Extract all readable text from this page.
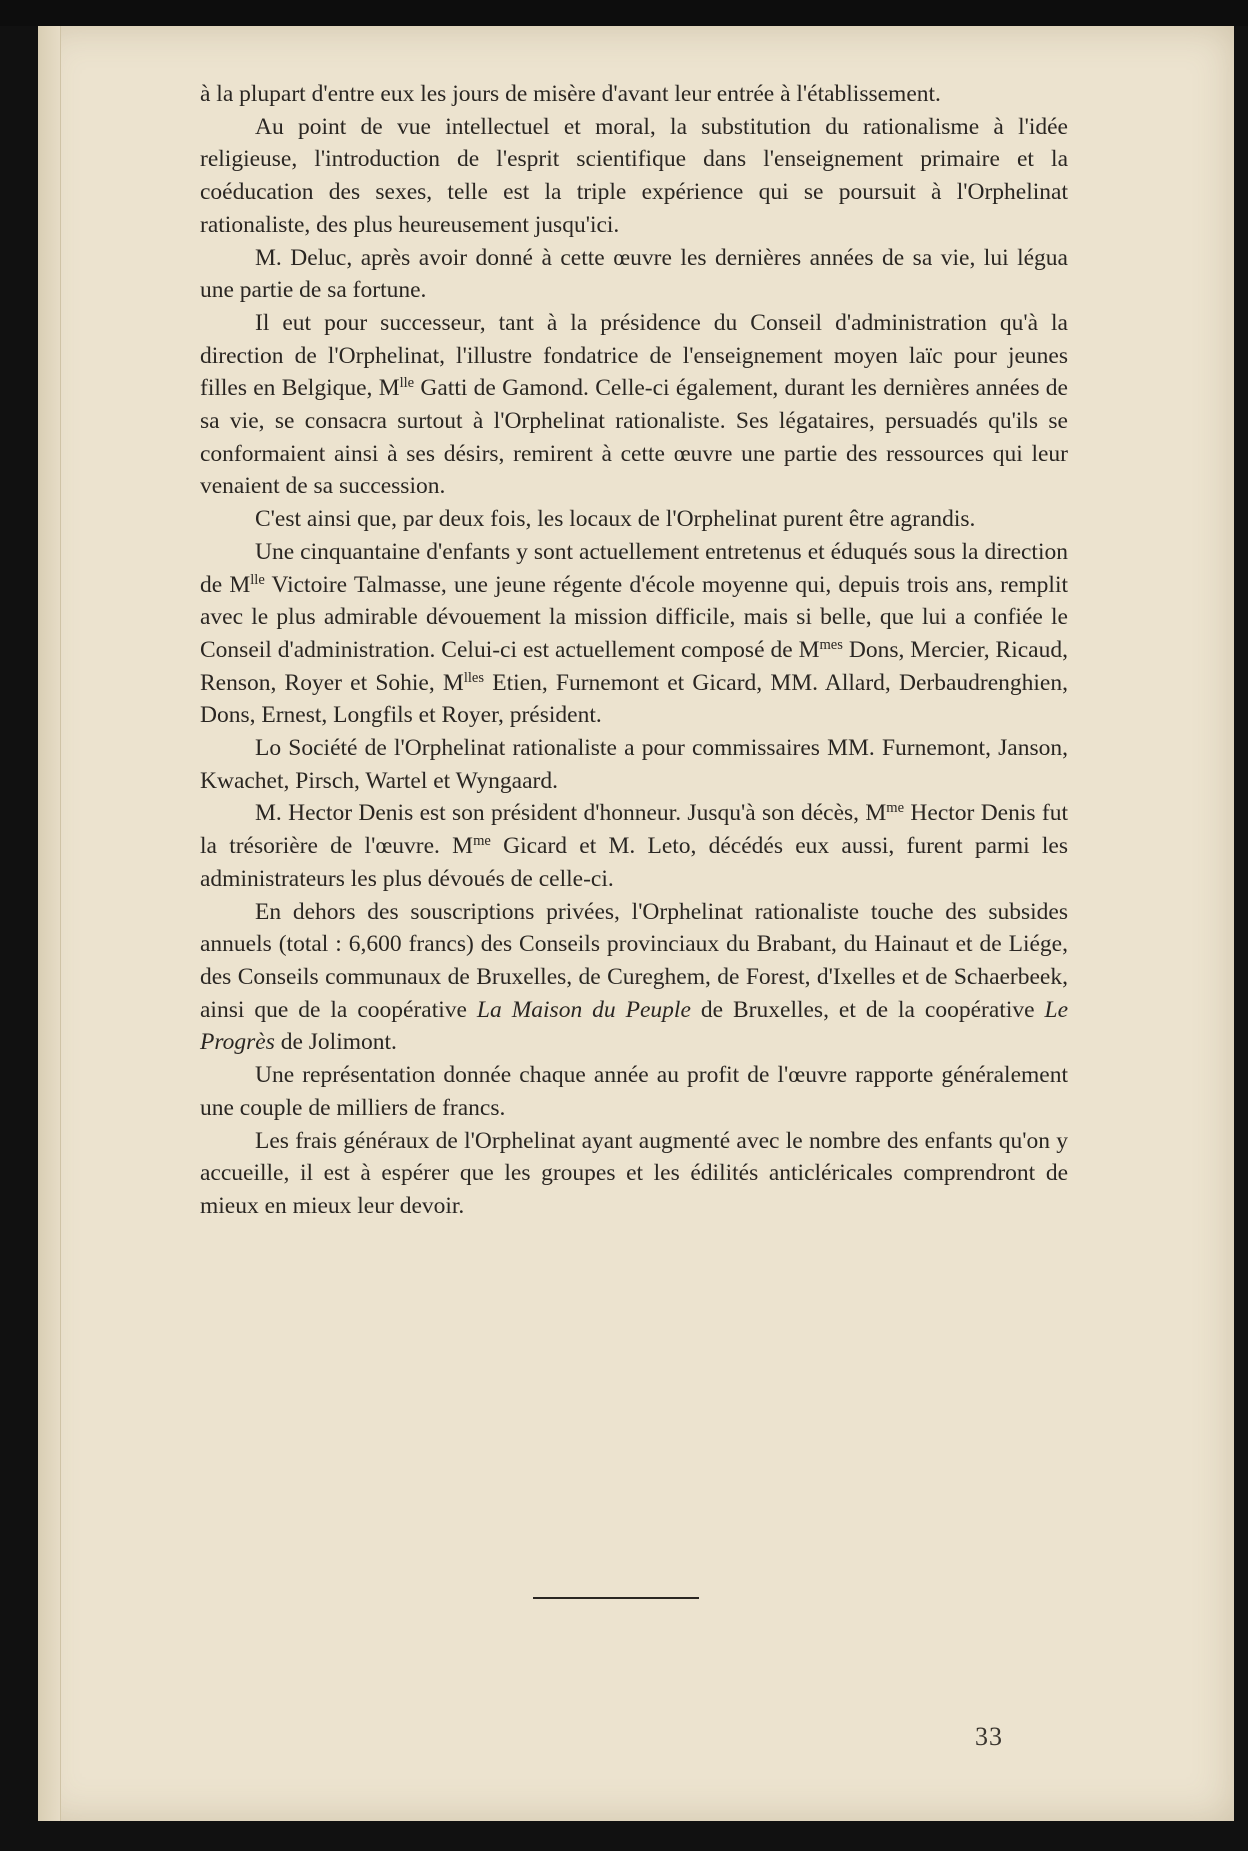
à la plupart d'entre eux les jours de misère d'avant leur entrée à l'établissement.

Au point de vue intellectuel et moral, la substitution du rationalisme à l'idée religieuse, l'introduction de l'esprit scientifique dans l'enseignement primaire et la coéducation des sexes, telle est la triple expérience qui se poursuit à l'Orphelinat rationaliste, des plus heureusement jusqu'ici.

M. Deluc, après avoir donné à cette œuvre les dernières années de sa vie, lui légua une partie de sa fortune.

Il eut pour successeur, tant à la présidence du Conseil d'administration qu'à la direction de l'Orphelinat, l'illustre fondatrice de l'enseignement moyen laïc pour jeunes filles en Belgique, $M^{lle}$ Gatti de Gamond. Celle-ci également, durant les dernières années de sa vie, se consacra surtout à l'Orphelinat rationaliste. Ses légataires, persuadés qu'ils se conformaient ainsi à ses désirs, remirent à cette œuvre une partie des ressources qui leur venaient de sa succession.

C'est ainsi que, par deux fois, les locaux de l'Orphelinat purent être agrandis.

Une cinquantaine d'enfants y sont actuellement entretenus et éduqués sous la direction de $M^{lle}$ Victoire Talmasse, une jeune régente d'école moyenne qui, depuis trois ans, remplit avec le plus admirable dévouement la mission difficile, mais si belle, que lui a confiée le Conseil d'administration. Celui-ci est actuellement composé de $M^{mes}$ Dons, Mercier, Ricaud, Renson, Royer et Sohie, $M^{lles}$ Etien, Furnemont et Gicard, MM. Allard, Derbaudrenghien, Dons, Ernest, Longfils et Royer, président.

Lo Société de l'Orphelinat rationaliste a pour commissaires MM. Furnemont, Janson, Kwachet, Pirsch, Wartel et Wyngaard.

M. Hector Denis est son président d'honneur. Jusqu'à son décès, $M^{me}$ Hector Denis fut la trésorière de l'œuvre. $M^{me}$ Gicard et M. Leto, décédés eux aussi, furent parmi les administrateurs les plus dévoués de celle-ci.

En dehors des souscriptions privées, l'Orphelinat rationaliste touche des subsides annuels (total : 6,600 francs) des Conseils provinciaux du Brabant, du Hainaut et de Liége, des Conseils communaux de Bruxelles, de Cureghem, de Forest, d'Ixelles et de Schaerbeek, ainsi que de la coopérative La Maison du Peuple de Bruxelles, et de la coopérative Le Progrès de Jolimont.

Une représentation donnée chaque année au profit de l'œuvre rapporte généralement une couple de milliers de francs.

Les frais généraux de l'Orphelinat ayant augmenté avec le nombre des enfants qu'on y accueille, il est à espérer que les groupes et les édilités anticléricales comprendront de mieux en mieux leur devoir.

33
